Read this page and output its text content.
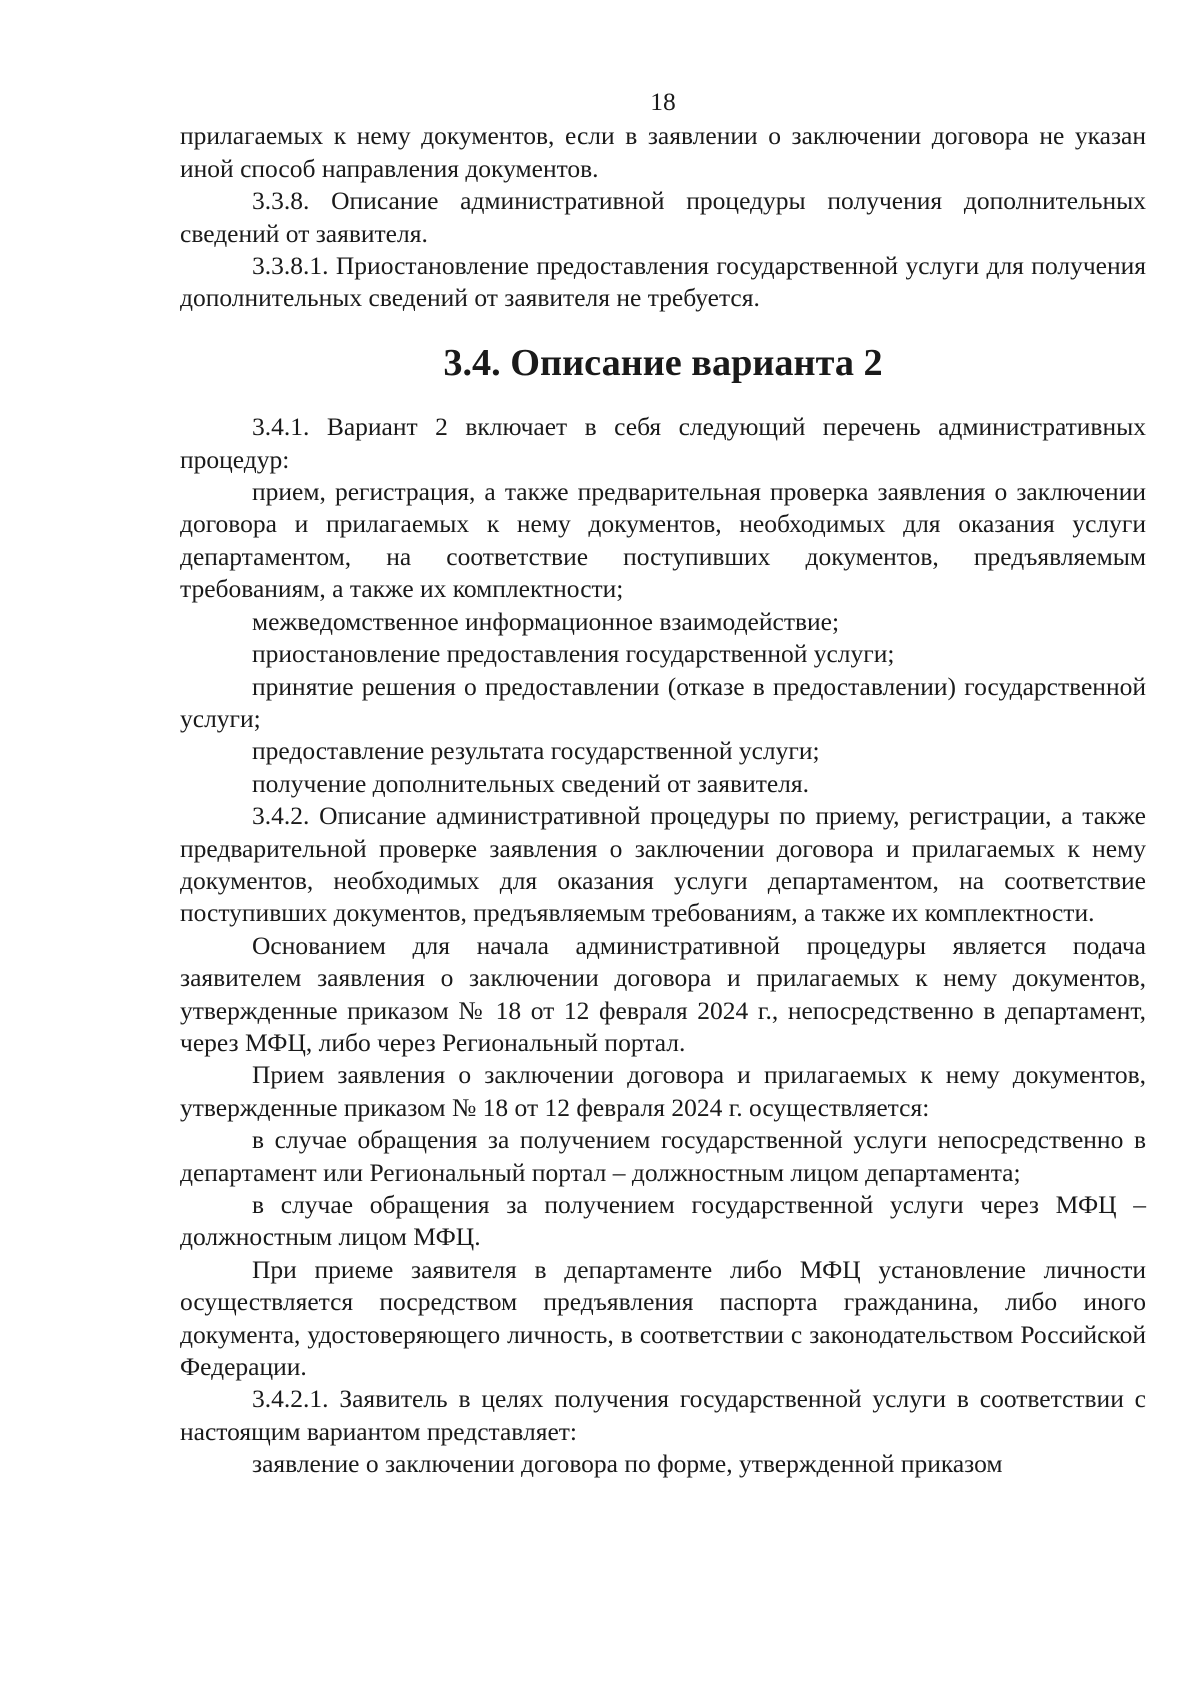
18

прилагаемых к нему документов, если в заявлении о заключении договора не указан иной способ направления документов.

3.3.8. Описание административной процедуры получения дополнительных сведений от заявителя.

3.3.8.1. Приостановление предоставления государственной услуги для получения дополнительных сведений от заявителя не требуется.

3.4. Описание варианта 2

3.4.1. Вариант 2 включает в себя следующий перечень административных процедур:

прием, регистрация, а также предварительная проверка заявления о заключении договора и прилагаемых к нему документов, необходимых для оказания услуги департаментом, на соответствие поступивших документов, предъявляемым требованиям, а также их комплектности;

межведомственное информационное взаимодействие;

приостановление предоставления государственной услуги;

принятие решения о предоставлении (отказе в предоставлении) государственной услуги;

предоставление результата государственной услуги;

получение дополнительных сведений от заявителя.

3.4.2. Описание административной процедуры по приему, регистрации, а также предварительной проверке заявления о заключении договора и прилагаемых к нему документов, необходимых для оказания услуги департаментом, на соответствие поступивших документов, предъявляемым требованиям, а также их комплектности.

Основанием для начала административной процедуры является подача заявителем заявления о заключении договора и прилагаемых к нему документов, утвержденные приказом № 18 от 12 февраля 2024 г., непосредственно в департамент, через МФЦ, либо через Региональный портал.

Прием заявления о заключении договора и прилагаемых к нему документов, утвержденные приказом № 18 от 12 февраля 2024 г. осуществляется:

в случае обращения за получением государственной услуги непосредственно в департамент или Региональный портал – должностным лицом департамента;

в случае обращения за получением государственной услуги через МФЦ – должностным лицом МФЦ.

При приеме заявителя в департаменте либо МФЦ установление личности осуществляется посредством предъявления паспорта гражданина, либо иного документа, удостоверяющего личность, в соответствии с законодательством Российской Федерации.

3.4.2.1. Заявитель в целях получения государственной услуги в соответствии с настоящим вариантом представляет:

заявление о заключении договора по форме, утвержденной приказом
